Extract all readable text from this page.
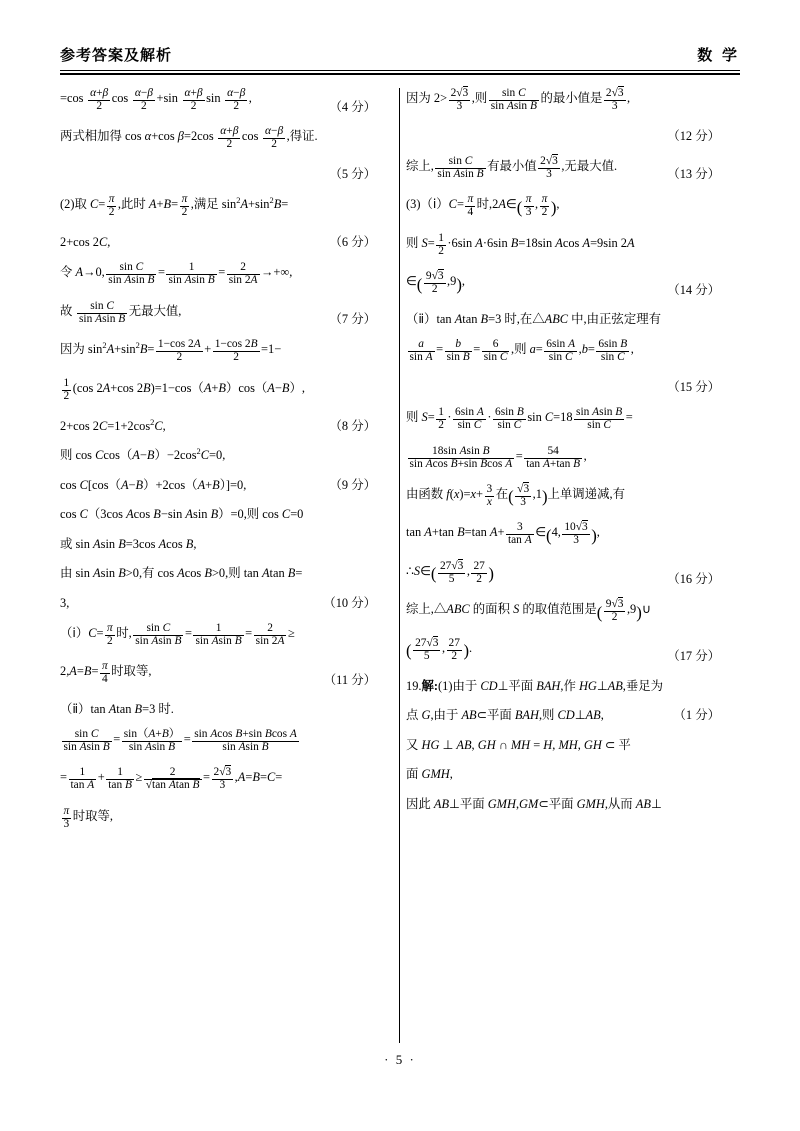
参考答案及解析	数 学
$=\cos \frac{\alpha+\beta}{2}$ $\cos \frac{\alpha-\beta}{2} +\sin \frac{\alpha+\beta}{2}$ $\sin \frac{\alpha-\beta}{2}$ ,
（4 分）
两式相加得 cos α+cos $\beta=2\cos \frac{\alpha+\beta}{2}$ $\cos \frac{\alpha-\beta}{2}$ ,得证.
（5 分）
(2)取 $C= \frac{\pi}{2}$ ,此时 $A+B= \frac{\pi}{2}$ ,满足 $\sin^2A+\sin^2B=$
2+cos 2C,	（6 分）
令 A→0, $\frac{\text{sin C}}{\text{sin Asin B}} = \frac{1}{\text{sin Asin B}} = \frac{2}{\sin 2A}$ →+∞,
故 $\frac{\text{sin C}}{\text{sin Asin B}}$ 无最大值,
（7 分）
因为 $\sin^2A+\sin^2B= \frac{1-\cos 2A}{2} + \frac{1-\cos 2B}{2} =1-$
$\frac{1}{2} (\cos$ 2A+cos 2B)=1−cos（A+B）cos（A−B）,
2+cos $2C=1+2\cos^2C$,	（8 分）
则 $\cos Ccos(A-B)-2\cos^2C=0$,
cos C[cos（A−B）+2cos（A+B）]=0,	（9 分）
cos C（3cos Acos B−sin Asin B）=0,则 cos C=0
或 sin Asin B=3cos Acos B,
由 sin Asin B>0,有 cos Acos B>0,则 tan Atan B=
3,	（10 分）
（ⅰ）C= $\frac{\pi}{2}$ 时, $\frac{\text{sin C}}{\text{sin Asin B}} = \frac{1}{\text{sin Asin B}} = \frac{2}{\sin 2A}$ ≥
$2,A=B= \frac{\pi}{4}$ 时取等,
（11 分）
（ⅱ）tan Atan B=3 时.
$\frac{\text{sin C}}{\text{sin Asin B}} = \frac{\sin(A+B)}{\text{sin Asin B}} = \frac{\text{sin Acos B+sin Bcos A}}{\text{sin Asin B}}$
= $\frac{1}{\text{tan A}} + \frac{1}{\text{tan B}} \ge \frac{2}{\text{√tan Atan B}} = \frac{2√3}{3} ,A=B=C=$
$\frac{\pi}{3}$ 时取等,
因为 $2> \frac{2√3}{3}$ ,则 $\frac{\text{sin C}}{\text{sin Asin B}}$ 的最小值是 $\frac{2√3}{3}$ ,
（12 分）
综上, $\frac{\text{sin C}}{\text{sin Asin B}}$ 有最小值 $\frac{2√3}{3}$ ,无最大值.
（13 分）
(3)（ⅰ）C= $\frac{\pi}{4}$ 时,2A∈( $\frac{\pi}{3}$ , $\frac{\pi}{2}$ ),
则 $S= \frac{1}{2} \cdot 6\sin$ A·6sin B=18sin Acos A=9sin 2A
∈( $\frac{9√3}{2} ,9$),
（14 分）
（ⅱ）tan Atan B=3 时,在△ABC 中,由正弦定理有
$\frac{a}{\text{sin A}} = \frac{b}{\text{sin B}} = \frac{6}{\text{sin C}}$ ,则 $a= \frac{\text{6sin A}}{\text{sin C}} ,b= \frac{\text{6sin B}}{\text{sin C}}$ ,
（15 分）
则 $S= \frac{1}{2} \cdot \frac{\text{6sin A}}{\text{sin C}} \cdot \frac{\text{6sin B}}{\text{sin C}}$ $\sin C=18 \frac{\text{sin Asin B}}{\text{sin C}}$ =
$\frac{\text{18sin Asin B}}{\text{sin Acos B+sin Bcos A}} = \frac{54}{\text{tan A+tan B}}$ ,
由函数 $f(x)=x+ \frac{3}{x}$ 在( $\frac{√3}{3} ,1$)上单调递减,有
tan A+tan B=tan $A+ \frac{3}{\text{tan A}}$ ∈(4, $\frac{10√3}{3}$ ),
∴S∈( $\frac{27√3}{5}$ , $\frac{27}{2}$ )	（16 分）
综上,△ABC 的面积 S 的取值范围是( $\frac{9√3}{2}$ ,9)∪
( $\frac{27√3}{5}$ , $\frac{27}{2}$ ).
（17 分）
19.解:(1)由于 CD⊥平面 BAH,作 HG⊥AB,垂足为
点 G,由于 AB⊂平面 BAH,则 CD⊥AB,	（1 分）
又 HG ⊥ AB, GH ∩ MH = H, MH, GH ⊂ 平
面 GMH,
因此 AB⊥平面 GMH,GM⊂平面 GMH,从而 AB⊥
· 5 ·
